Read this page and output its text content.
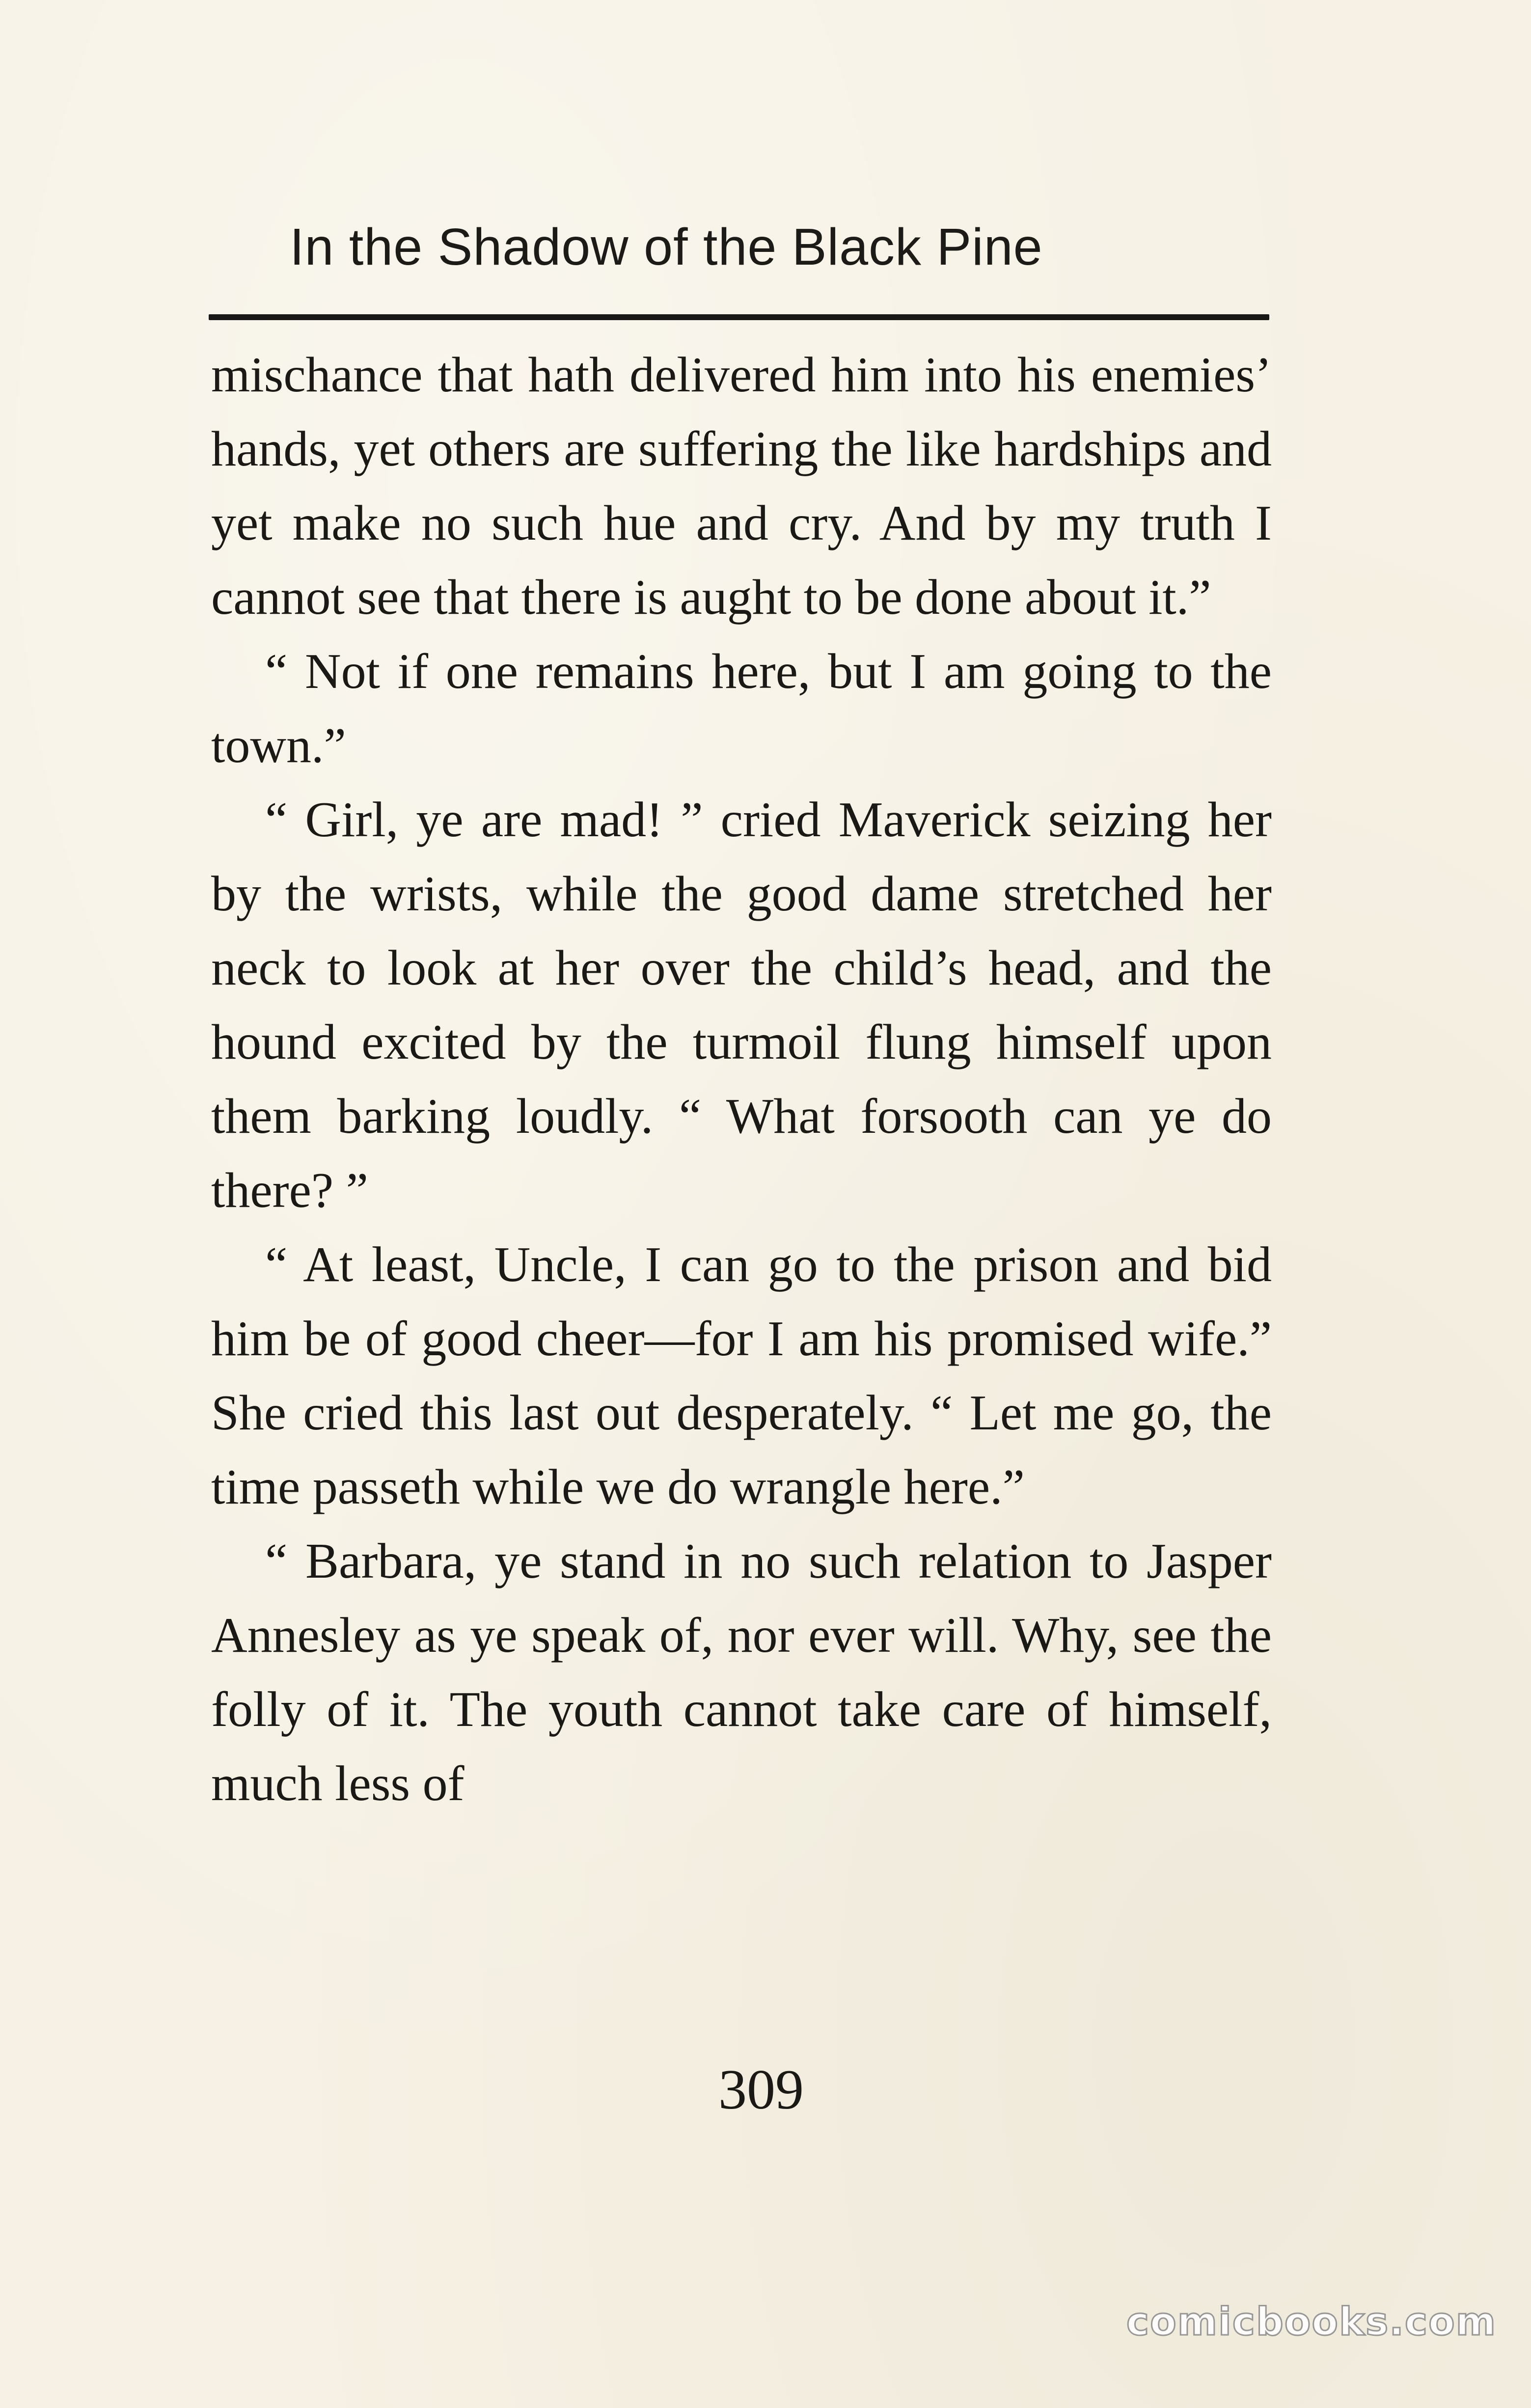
In the Shadow of the Black Pine

mischance that hath delivered him into his enemies’ hands, yet others are suffering the like hardships and yet make no such hue and cry. And by my truth I cannot see that there is aught to be done about it.”

“ Not if one remains here, but I am going to the town.”

“ Girl, ye are mad! ” cried Maverick seizing her by the wrists, while the good dame stretched her neck to look at her over the child’s head, and the hound excited by the turmoil flung himself upon them barking loudly. “ What forsooth can ye do there? ”

“ At least, Uncle, I can go to the prison and bid him be of good cheer—for I am his promised wife.” She cried this last out desperately. “ Let me go, the time passeth while we do wrangle here.”

“ Barbara, ye stand in no such relation to Jasper Annesley as ye speak of, nor ever will. Why, see the folly of it. The youth cannot take care of himself, much less of

309
comicbooks.com
